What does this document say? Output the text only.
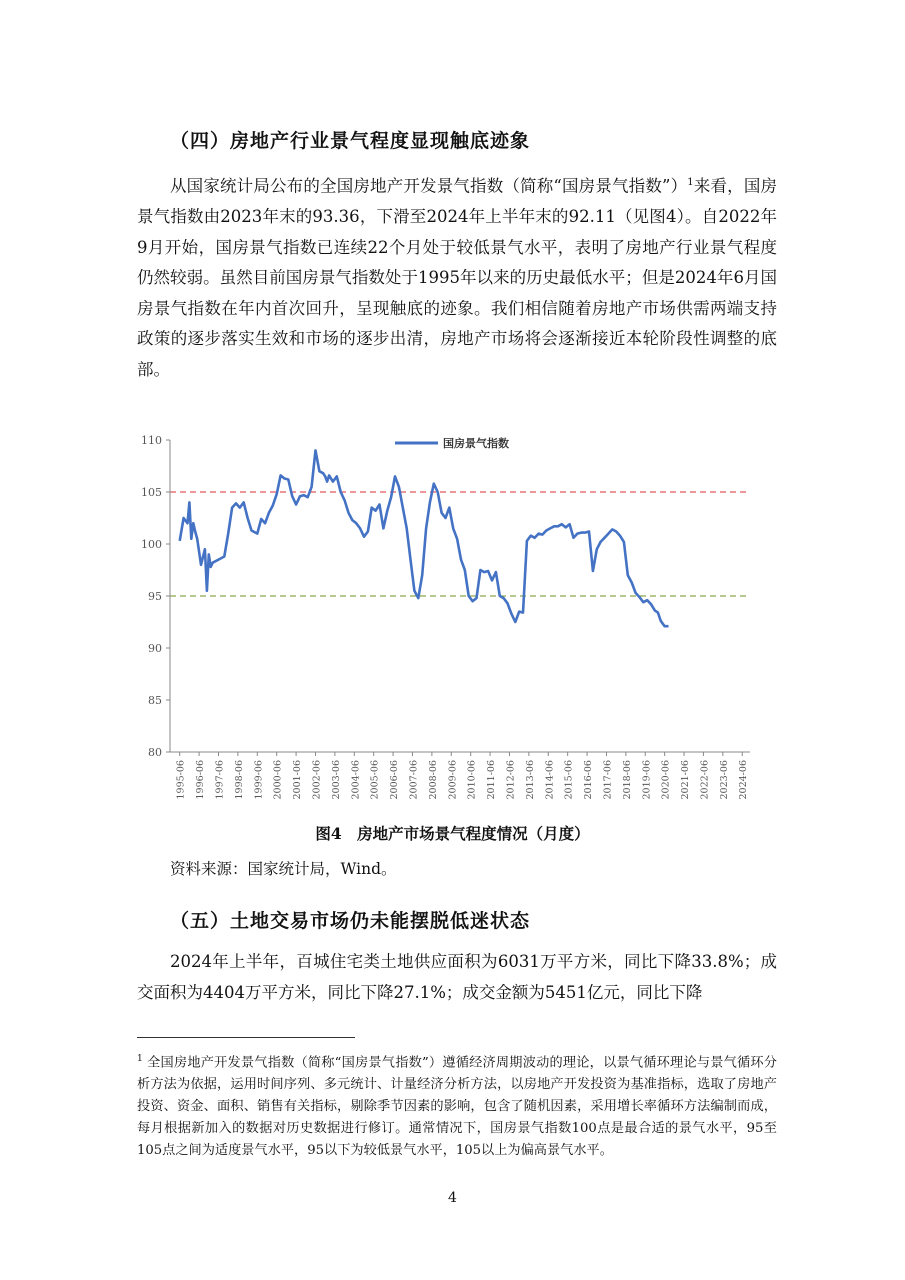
（四）房地产行业景气程度显现触底迹象

从国家统计局公布的全国房地产开发景气指数（简称“国房景气指数”）$^1$来看，国房景气指数由2023年末的93.36，下滑至2024年上半年末的92.11（见图4）。自2022年9月开始，国房景气指数已连续22个月处于较低景气水平，表明了房地产行业景气程度仍然较弱。虽然目前国房景气指数处于1995年以来的历史最低水平；但是2024年6月国房景气指数在年内首次回升，呈现触底的迹象。我们相信随着房地产市场供需两端支持政策的逐步落实生效和市场的逐步出清，房地产市场将会逐渐接近本轮阶段性调整的底部。

80
85
90
95
100
105
110
1995-06 1996-06 1997-06 1998-06 1999-06 2000-06 2001-06 2002-06 2003-06 2004-06 2005-06 2006-06 2007-06 2008-06 2009-06 2010-06 2011-06 2012-06 2013-06 2014-06 2015-06 2016-06 2017-06 2018-06 2019-06 2020-06 2021-06 2022-06 2023-06 2024-06
国房景气指数
图4　房地产市场景气程度情况（月度）
资料来源：国家统计局，Wind。
（五）土地交易市场仍未能摆脱低迷状态

2024年上半年，百城住宅类土地供应面积为6031万平方米，同比下降33.8%；成交面积为4404万平方米，同比下降27.1%；成交金额为5451亿元，同比下降

$^1$ 全国房地产开发景气指数（简称“国房景气指数”）遵循经济周期波动的理论，以景气循环理论与景气循环分析方法为依据，运用时间序列、多元统计、计量经济分析方法，以房地产开发投资为基准指标，选取了房地产投资、资金、面积、销售有关指标，剔除季节因素的影响，包含了随机因素，采用增长率循环方法编制而成，每月根据新加入的数据对历史数据进行修订。通常情况下，国房景气指数100点是最合适的景气水平，95至105点之间为适度景气水平，95以下为较低景气水平，105以上为偏高景气水平。

4
